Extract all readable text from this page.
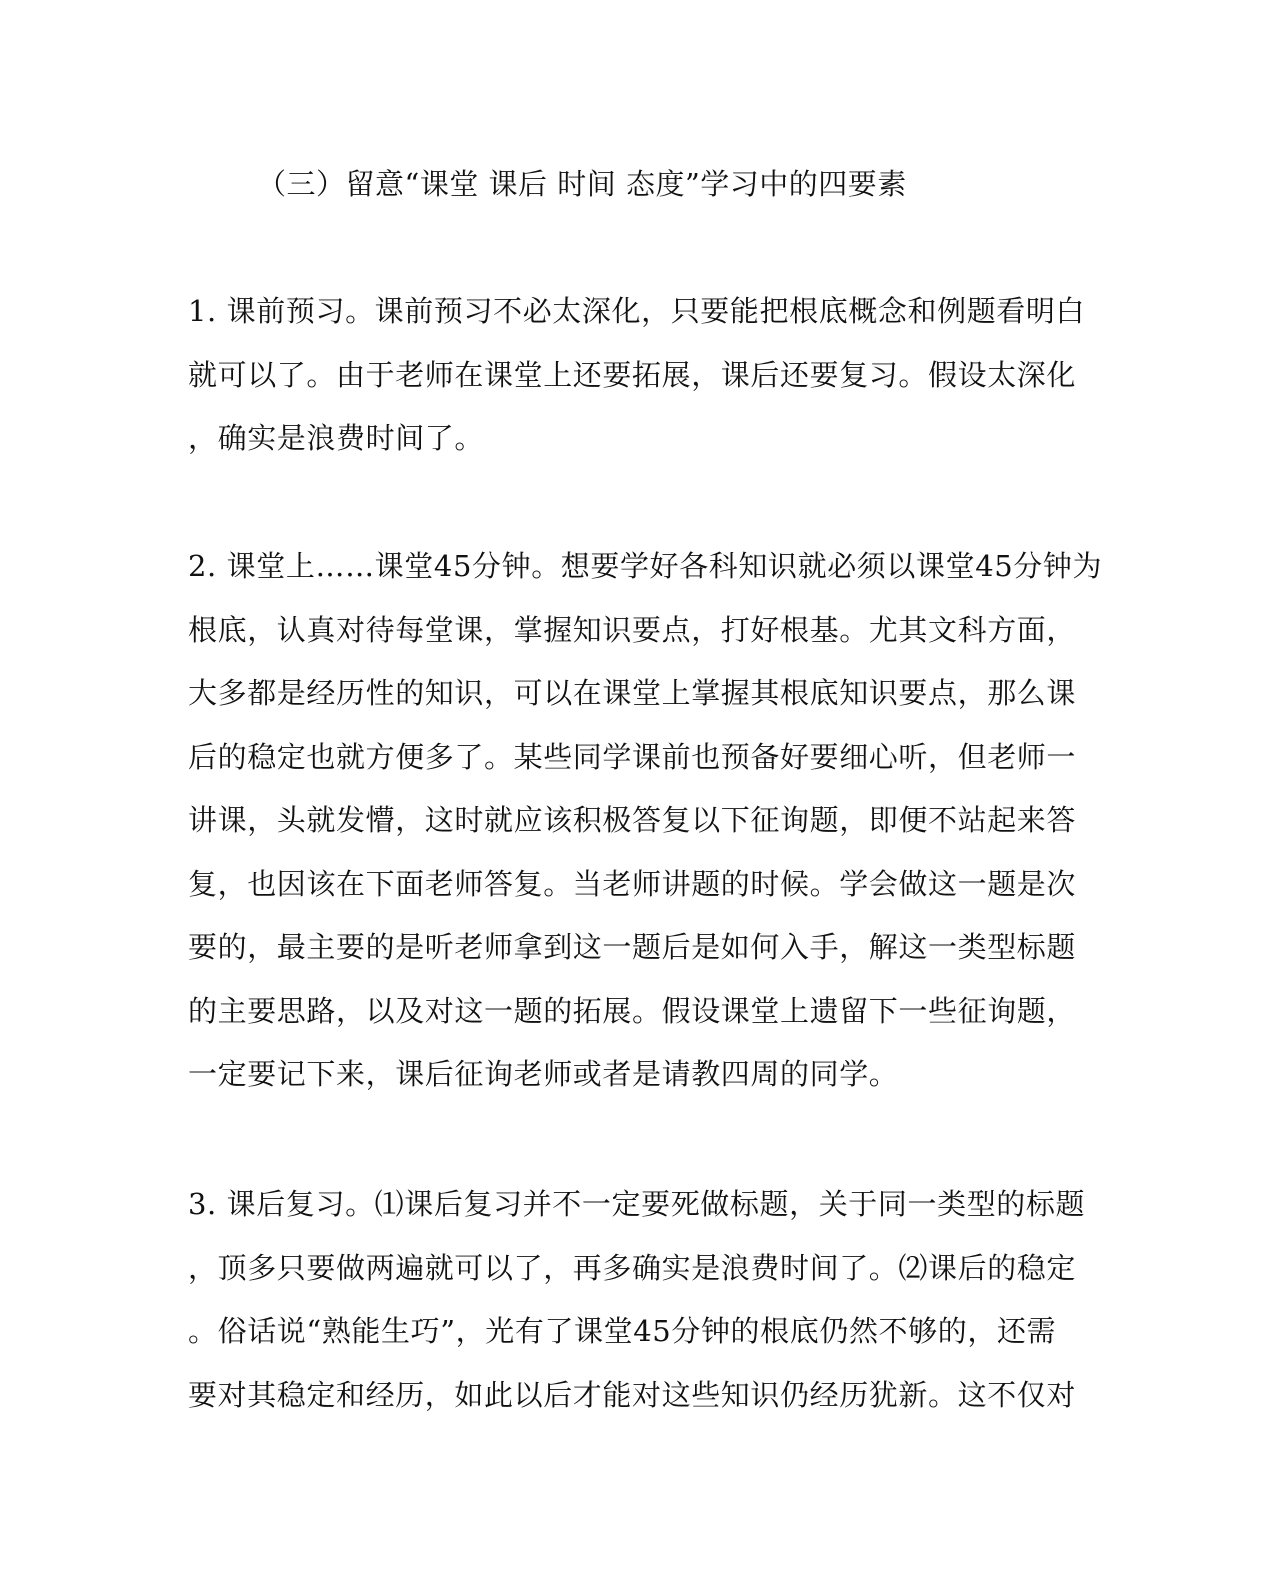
（三）留意“课堂 课后 时间 态度”学习中的四要素
1. 课前预习。课前预习不必太深化，只要能把根底概念和例题看明白
就可以了。由于老师在课堂上还要拓展，课后还要复习。假设太深化
，确实是浪费时间了。
2. 课堂上……课堂45分钟。想要学好各科知识就必须以课堂45分钟为
根底，认真对待每堂课，掌握知识要点，打好根基。尤其文科方面，
大多都是经历性的知识，可以在课堂上掌握其根底知识要点，那么课
后的稳定也就方便多了。某些同学课前也预备好要细心听，但老师一
讲课，头就发懵，这时就应该积极答复以下征询题，即便不站起来答
复，也因该在下面老师答复。当老师讲题的时候。学会做这一题是次
要的，最主要的是听老师拿到这一题后是如何入手，解这一类型标题
的主要思路，以及对这一题的拓展。假设课堂上遗留下一些征询题，
一定要记下来，课后征询老师或者是请教四周的同学。
3. 课后复习。⑴课后复习并不一定要死做标题，关于同一类型的标题
，顶多只要做两遍就可以了，再多确实是浪费时间了。⑵课后的稳定
。俗话说“熟能生巧”，光有了课堂45分钟的根底仍然不够的，还需
要对其稳定和经历，如此以后才能对这些知识仍经历犹新。这不仅对
